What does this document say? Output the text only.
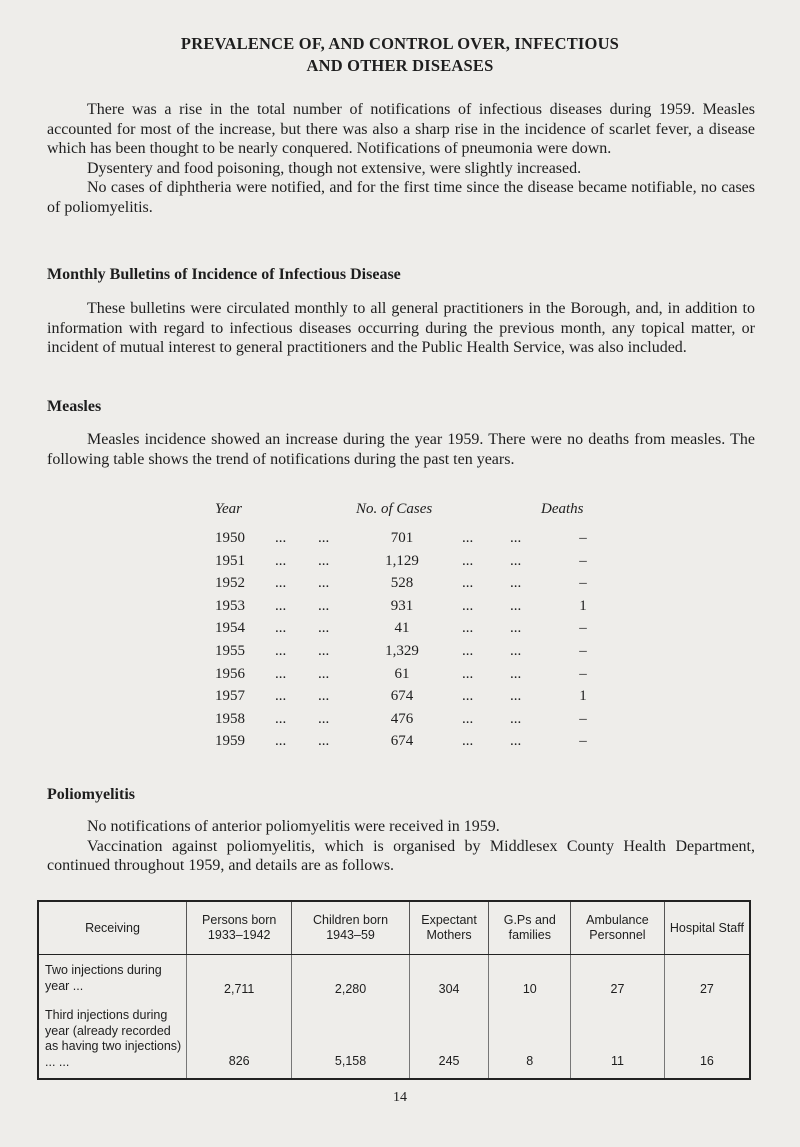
PREVALENCE OF, AND CONTROL OVER, INFECTIOUS
AND OTHER DISEASES
There was a rise in the total number of notifications of infectious diseases during 1959. Measles accounted for most of the increase, but there was also a sharp rise in the incidence of scarlet fever, a disease which has been thought to be nearly conquered. Notifications of pneumonia were down.
Dysentery and food poisoning, though not extensive, were slightly increased.
No cases of diphtheria were notified, and for the first time since the disease became notifiable, no cases of poliomyelitis.
Monthly Bulletins of Incidence of Infectious Disease
These bulletins were circulated monthly to all general practitioners in the Borough, and, in addition to information with regard to infectious diseases occurring during the previous month, any topical matter, or incident of mutual interest to general practitioners and the Public Health Service, was also included.
Measles
Measles incidence showed an increase during the year 1959. There were no deaths from measles. The following table shows the trend of notifications during the past ten years.
Year	No. of Cases	Deaths
1950 ... ...	701	... ...	–
1951 ... ...	1,129	... ...	–
1952 ... ...	528	... ...	–
1953 ... ...	931	... ...	1
1954 ... ...	41	... ...	–
1955 ... ...	1,329	... ...	–
1956 ... ...	61	... ...	–
1957 ... ...	674	... ...	1
1958 ... ...	476	... ...	–
1959 ... ...	674	... ...	–
Poliomyelitis
No notifications of anterior poliomyelitis were received in 1959.
Vaccination against poliomyelitis, which is organised by Middlesex County Health Department, continued throughout 1959, and details are as follows.
Receiving	Persons born 1933–1942	Children born 1943–59	Expectant Mothers	G.Ps and families	Ambulance Personnel	Hospital Staff
Two injections during year ...	2,711	2,280	304	10	27	27
Third injections during year (already recorded as having two injections) ... ...	826	5,158	245	8	11	16
14
